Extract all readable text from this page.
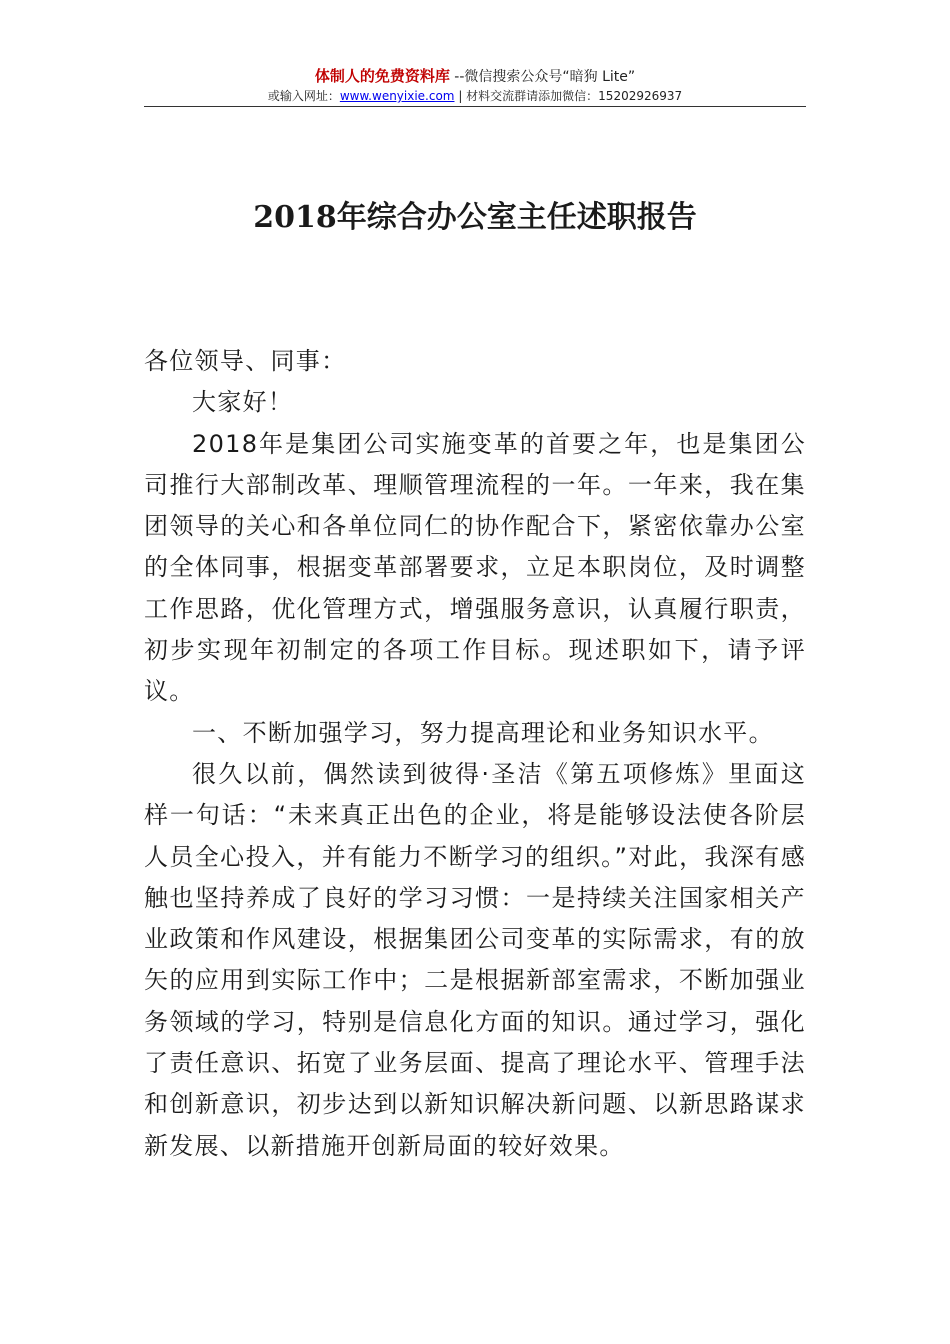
体制人的免费资料库 --微信搜索公众号“暗狗 Lite”
或输入网址：www.wenyixie.com | 材料交流群请添加微信：15202926937
2018年综合办公室主任述职报告

各位领导、同事：

大家好！

2018年是集团公司实施变革的首要之年，也是集团公司推行大部制改革、理顺管理流程的一年。一年来，我在集团领导的关心和各单位同仁的协作配合下，紧密依靠办公室的全体同事，根据变革部署要求，立足本职岗位，及时调整工作思路，优化管理方式，增强服务意识，认真履行职责，初步实现年初制定的各项工作目标。现述职如下，请予评议。

一、不断加强学习，努力提高理论和业务知识水平。

很久以前，偶然读到彼得·圣洁《第五项修炼》里面这样一句话：“未来真正出色的企业，将是能够设法使各阶层人员全心投入，并有能力不断学习的组织。”对此，我深有感触也坚持养成了良好的学习习惯：一是持续关注国家相关产业政策和作风建设，根据集团公司变革的实际需求，有的放矢的应用到实际工作中；二是根据新部室需求，不断加强业务领域的学习，特别是信息化方面的知识。通过学习，强化了责任意识、拓宽了业务层面、提高了理论水平、管理手法和创新意识，初步达到以新知识解决新问题、以新思路谋求新发展、以新措施开创新局面的较好效果。
